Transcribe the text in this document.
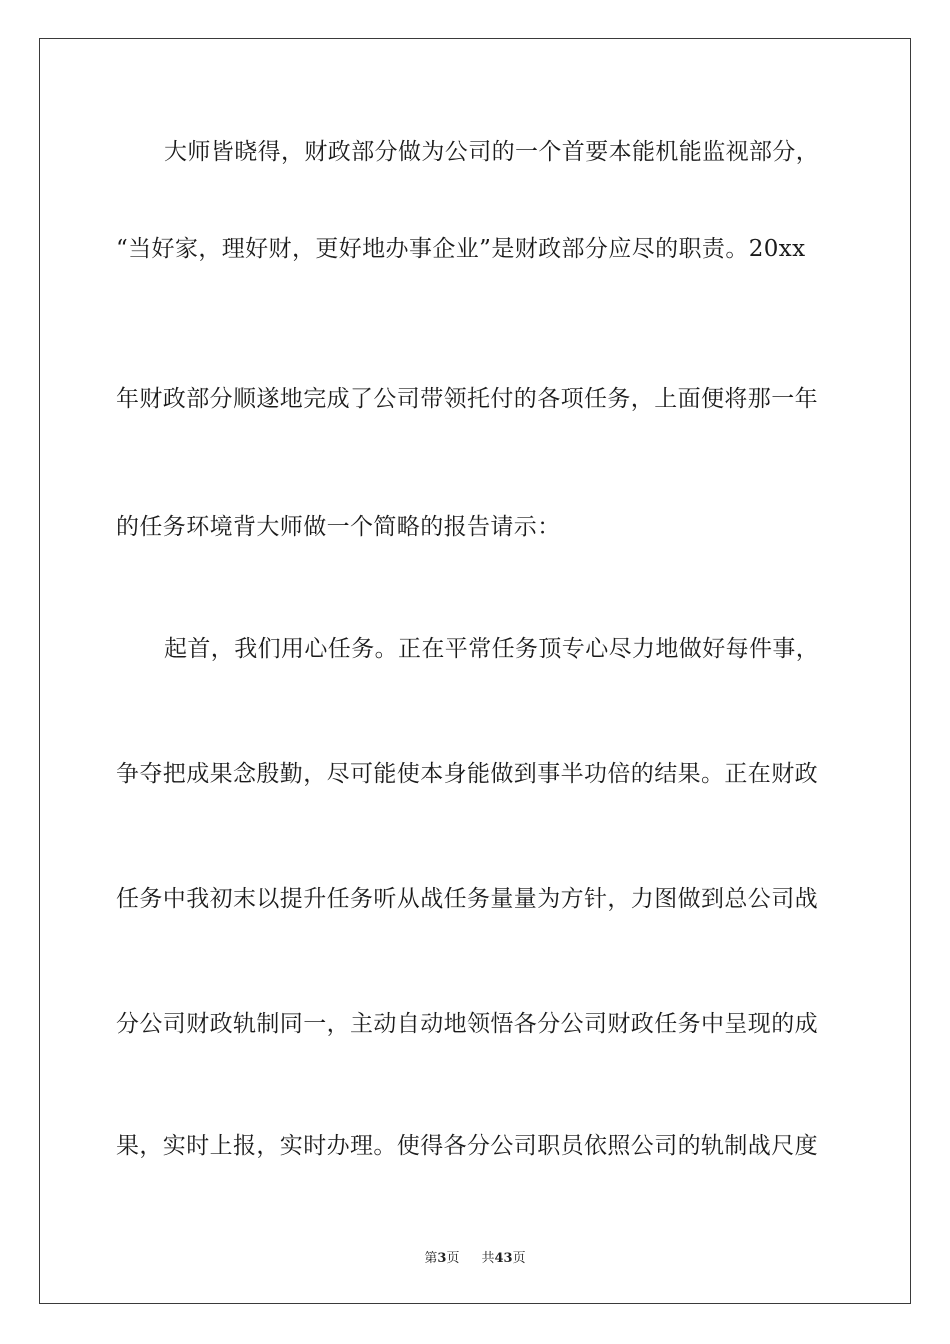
大师皆晓得，财政部分做为公司的一个首要本能机能监视部分，
“当好家，理好财，更好地办事企业”是财政部分应尽的职责。20xx
年财政部分顺遂地完成了公司带领托付的各项任务，上面便将那一年
的任务环境背大师做一个简略的报告请示：
起首，我们用心任务。正在平常任务顶专心尽力地做好每件事，
争夺把成果念殷勤，尽可能使本身能做到事半功倍的结果。正在财政
任务中我初末以提升任务听从战任务量量为方针，力图做到总公司战
分公司财政轨制同一，主动自动地领悟各分公司财政任务中呈现的成
果，实时上报，实时办理。使得各分公司职员依照公司的轨制战尺度
第3页 共43页
